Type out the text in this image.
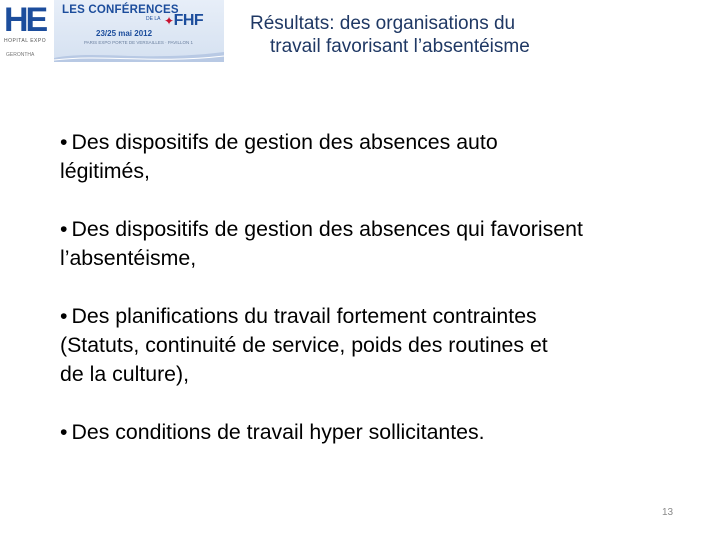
HE
HOPITAL EXPO
GERONTHA
LES CONFÉRENCES
DE LA ✦FHF
23/25 mai 2012
PARIS EXPO PORTE DE VERSAILLES · PAVILLON 1
Résultats: des organisations du
travail favorisant l’absentéisme
• Des dispositifs de gestion des absences auto
légitimés,
• Des dispositifs de gestion des absences qui favorisent
l’absentéisme,
• Des planifications du travail fortement contraintes
(Statuts, continuité de service, poids des routines et
de la culture),
• Des conditions de travail hyper sollicitantes.
13
